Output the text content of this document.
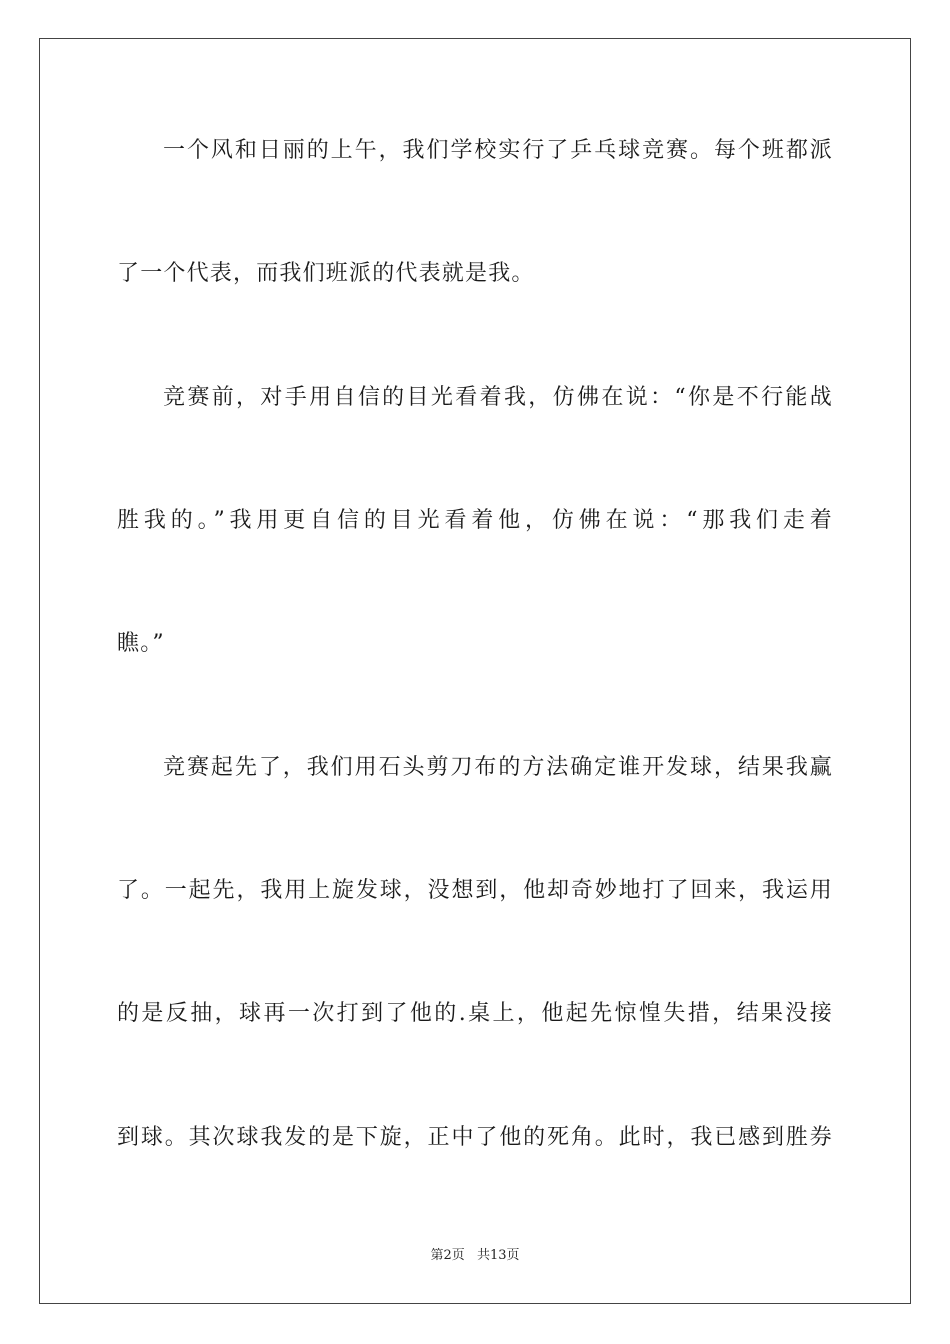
一个风和日丽的上午，我们学校实行了乒乓球竞赛。每个班都派
了一个代表，而我们班派的代表就是我。
竞赛前，对手用自信的目光看着我，仿佛在说：“你是不行能战
胜我的。”我用更自信的目光看着他，仿佛在说：“那我们走着
瞧。”
竞赛起先了，我们用石头剪刀布的方法确定谁开发球，结果我赢
了。一起先，我用上旋发球，没想到，他却奇妙地打了回来，我运用
的是反抽，球再一次打到了他的.桌上，他起先惊惶失措，结果没接
到球。其次球我发的是下旋，正中了他的死角。此时，我已感到胜券
第2页 共13页
